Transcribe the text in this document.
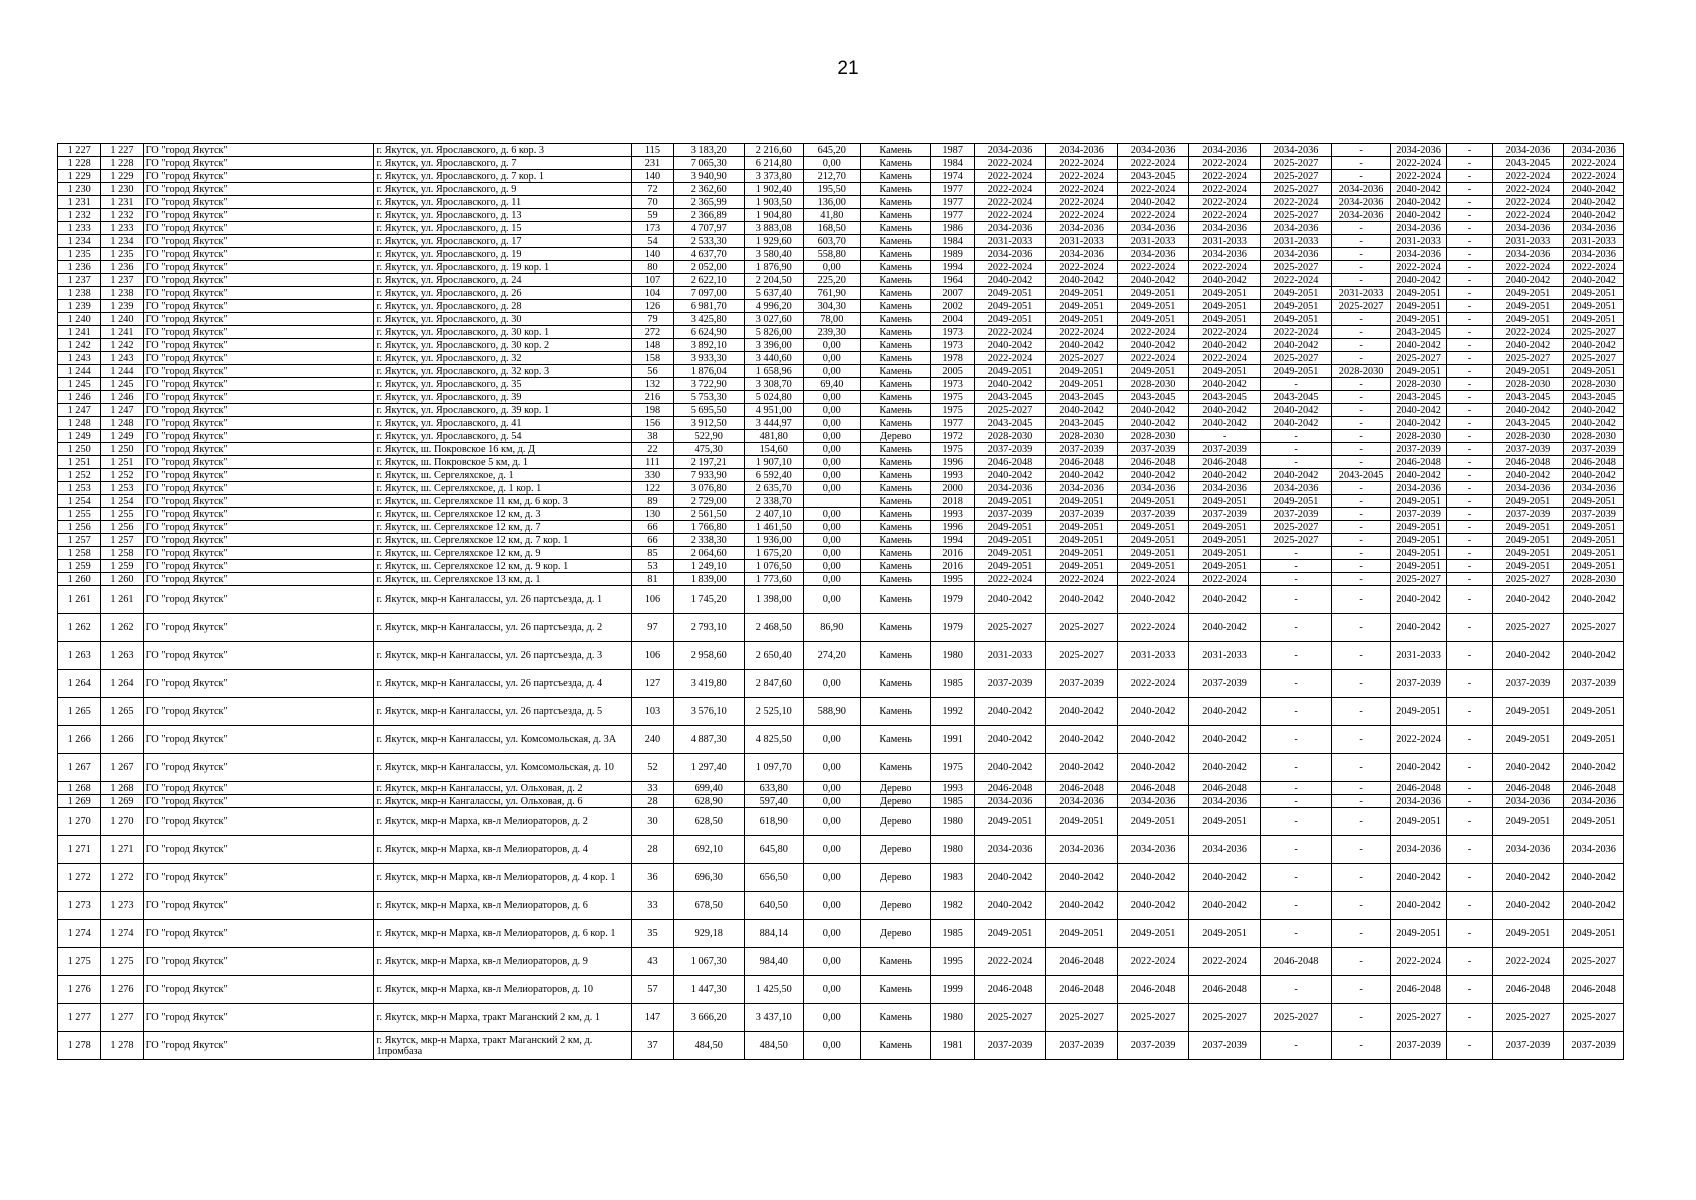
21
1 227	1 227	ГО "город Якутск"	г. Якутск, ул. Ярославского, д. 6 кор. 3	115	3 183,20	2 216,60	645,20	Камень	1987	2034-2036	2034-2036	2034-2036	2034-2036	2034-2036	-	2034-2036	-	2034-2036	2034-2036
1 228	1 228	ГО "город Якутск"	г. Якутск, ул. Ярославского, д. 7	231	7 065,30	6 214,80	0,00	Камень	1984	2022-2024	2022-2024	2022-2024	2022-2024	2025-2027	-	2022-2024	-	2043-2045	2022-2024
1 229	1 229	ГО "город Якутск"	г. Якутск, ул. Ярославского, д. 7 кор. 1	140	3 940,90	3 373,80	212,70	Камень	1974	2022-2024	2022-2024	2043-2045	2022-2024	2025-2027	-	2022-2024	-	2022-2024	2022-2024
1 230	1 230	ГО "город Якутск"	г. Якутск, ул. Ярославского, д. 9	72	2 362,60	1 902,40	195,50	Камень	1977	2022-2024	2022-2024	2022-2024	2022-2024	2025-2027	2034-2036	2040-2042	-	2022-2024	2040-2042
1 231	1 231	ГО "город Якутск"	г. Якутск, ул. Ярославского, д. 11	70	2 365,99	1 903,50	136,00	Камень	1977	2022-2024	2022-2024	2040-2042	2022-2024	2022-2024	2034-2036	2040-2042	-	2022-2024	2040-2042
1 232	1 232	ГО "город Якутск"	г. Якутск, ул. Ярославского, д. 13	59	2 366,89	1 904,80	41,80	Камень	1977	2022-2024	2022-2024	2022-2024	2022-2024	2025-2027	2034-2036	2040-2042	-	2022-2024	2040-2042
1 233	1 233	ГО "город Якутск"	г. Якутск, ул. Ярославского, д. 15	173	4 707,97	3 883,08	168,50	Камень	1986	2034-2036	2034-2036	2034-2036	2034-2036	2034-2036	-	2034-2036	-	2034-2036	2034-2036
1 234	1 234	ГО "город Якутск"	г. Якутск, ул. Ярославского, д. 17	54	2 533,30	1 929,60	603,70	Камень	1984	2031-2033	2031-2033	2031-2033	2031-2033	2031-2033	-	2031-2033	-	2031-2033	2031-2033
1 235	1 235	ГО "город Якутск"	г. Якутск, ул. Ярославского, д. 19	140	4 637,70	3 580,40	558,80	Камень	1989	2034-2036	2034-2036	2034-2036	2034-2036	2034-2036	-	2034-2036	-	2034-2036	2034-2036
1 236	1 236	ГО "город Якутск"	г. Якутск, ул. Ярославского, д. 19 кор. 1	80	2 052,00	1 876,90	0,00	Камень	1994	2022-2024	2022-2024	2022-2024	2022-2024	2025-2027	-	2022-2024	-	2022-2024	2022-2024
1 237	1 237	ГО "город Якутск"	г. Якутск, ул. Ярославского, д. 24	107	2 622,10	2 204,50	225,20	Камень	1964	2040-2042	2040-2042	2040-2042	2040-2042	2022-2024	-	2040-2042	-	2040-2042	2040-2042
1 238	1 238	ГО "город Якутск"	г. Якутск, ул. Ярославского, д. 26	104	7 097,00	5 637,40	761,90	Камень	2007	2049-2051	2049-2051	2049-2051	2049-2051	2049-2051	2031-2033	2049-2051	-	2049-2051	2049-2051
1 239	1 239	ГО "город Якутск"	г. Якутск, ул. Ярославского, д. 28	126	6 981,70	4 996,20	304,30	Камень	2002	2049-2051	2049-2051	2049-2051	2049-2051	2049-2051	2025-2027	2049-2051	-	2049-2051	2049-2051
1 240	1 240	ГО "город Якутск"	г. Якутск, ул. Ярославского, д. 30	79	3 425,80	3 027,60	78,00	Камень	2004	2049-2051	2049-2051	2049-2051	2049-2051	2049-2051	-	2049-2051	-	2049-2051	2049-2051
1 241	1 241	ГО "город Якутск"	г. Якутск, ул. Ярославского, д. 30 кор. 1	272	6 624,90	5 826,00	239,30	Камень	1973	2022-2024	2022-2024	2022-2024	2022-2024	2022-2024	-	2043-2045	-	2022-2024	2025-2027
1 242	1 242	ГО "город Якутск"	г. Якутск, ул. Ярославского, д. 30 кор. 2	148	3 892,10	3 396,00	0,00	Камень	1973	2040-2042	2040-2042	2040-2042	2040-2042	2040-2042	-	2040-2042	-	2040-2042	2040-2042
1 243	1 243	ГО "город Якутск"	г. Якутск, ул. Ярославского, д. 32	158	3 933,30	3 440,60	0,00	Камень	1978	2022-2024	2025-2027	2022-2024	2022-2024	2025-2027	-	2025-2027	-	2025-2027	2025-2027
1 244	1 244	ГО "город Якутск"	г. Якутск, ул. Ярославского, д. 32 кор. 3	56	1 876,04	1 658,96	0,00	Камень	2005	2049-2051	2049-2051	2049-2051	2049-2051	2049-2051	2028-2030	2049-2051	-	2049-2051	2049-2051
1 245	1 245	ГО "город Якутск"	г. Якутск, ул. Ярославского, д. 35	132	3 722,90	3 308,70	69,40	Камень	1973	2040-2042	2049-2051	2028-2030	2040-2042	-	-	2028-2030	-	2028-2030	2028-2030
1 246	1 246	ГО "город Якутск"	г. Якутск, ул. Ярославского, д. 39	216	5 753,30	5 024,80	0,00	Камень	1975	2043-2045	2043-2045	2043-2045	2043-2045	2043-2045	-	2043-2045	-	2043-2045	2043-2045
1 247	1 247	ГО "город Якутск"	г. Якутск, ул. Ярославского, д. 39 кор. 1	198	5 695,50	4 951,00	0,00	Камень	1975	2025-2027	2040-2042	2040-2042	2040-2042	2040-2042	-	2040-2042	-	2040-2042	2040-2042
1 248	1 248	ГО "город Якутск"	г. Якутск, ул. Ярославского, д. 41	156	3 912,50	3 444,97	0,00	Камень	1977	2043-2045	2043-2045	2040-2042	2040-2042	2040-2042	-	2040-2042	-	2043-2045	2040-2042
1 249	1 249	ГО "город Якутск"	г. Якутск, ул. Ярославского, д. 54	38	522,90	481,80	0,00	Дерево	1972	2028-2030	2028-2030	2028-2030	-	-	-	2028-2030	-	2028-2030	2028-2030
1 250	1 250	ГО "город Якутск"	г. Якутск, ш. Покровское 16 км, д. Д	22	475,30	154,60	0,00	Камень	1975	2037-2039	2037-2039	2037-2039	2037-2039	-	-	2037-2039	-	2037-2039	2037-2039
1 251	1 251	ГО "город Якутск"	г. Якутск, ш. Покровское 5 км, д. 1	111	2 197,21	1 907,10	0,00	Камень	1996	2046-2048	2046-2048	2046-2048	2046-2048	-	-	2046-2048	-	2046-2048	2046-2048
1 252	1 252	ГО "город Якутск"	г. Якутск, ш. Сергеляхское, д. 1	330	7 933,90	6 592,40	0,00	Камень	1993	2040-2042	2040-2042	2040-2042	2040-2042	2040-2042	2043-2045	2040-2042	-	2040-2042	2040-2042
1 253	1 253	ГО "город Якутск"	г. Якутск, ш. Сергеляхское, д. 1 кор. 1	122	3 076,80	2 635,70	0,00	Камень	2000	2034-2036	2034-2036	2034-2036	2034-2036	2034-2036	-	2034-2036	-	2034-2036	2034-2036
1 254	1 254	ГО "город Якутск"	г. Якутск, ш. Сергеляхское 11 км, д. 6 кор. 3	89	2 729,00	2 338,70		Камень	2018	2049-2051	2049-2051	2049-2051	2049-2051	2049-2051	-	2049-2051	-	2049-2051	2049-2051
1 255	1 255	ГО "город Якутск"	г. Якутск, ш. Сергеляхское 12 км, д. 3	130	2 561,50	2 407,10	0,00	Камень	1993	2037-2039	2037-2039	2037-2039	2037-2039	2037-2039	-	2037-2039	-	2037-2039	2037-2039
1 256	1 256	ГО "город Якутск"	г. Якутск, ш. Сергеляхское 12 км, д. 7	66	1 766,80	1 461,50	0,00	Камень	1996	2049-2051	2049-2051	2049-2051	2049-2051	2025-2027	-	2049-2051	-	2049-2051	2049-2051
1 257	1 257	ГО "город Якутск"	г. Якутск, ш. Сергеляхское 12 км, д. 7 кор. 1	66	2 338,30	1 936,00	0,00	Камень	1994	2049-2051	2049-2051	2049-2051	2049-2051	2025-2027	-	2049-2051	-	2049-2051	2049-2051
1 258	1 258	ГО "город Якутск"	г. Якутск, ш. Сергеляхское 12 км, д. 9	85	2 064,60	1 675,20	0,00	Камень	2016	2049-2051	2049-2051	2049-2051	2049-2051	-	-	2049-2051	-	2049-2051	2049-2051
1 259	1 259	ГО "город Якутск"	г. Якутск, ш. Сергеляхское 12 км, д. 9 кор. 1	53	1 249,10	1 076,50	0,00	Камень	2016	2049-2051	2049-2051	2049-2051	2049-2051	-	-	2049-2051	-	2049-2051	2049-2051
1 260	1 260	ГО "город Якутск"	г. Якутск, ш. Сергеляхское 13 км, д. 1	81	1 839,00	1 773,60	0,00	Камень	1995	2022-2024	2022-2024	2022-2024	2022-2024	-	-	2025-2027	-	2025-2027	2028-2030
1 261	1 261	ГО "город Якутск"	г. Якутск, мкр-н Кангалассы, ул. 26 партсъезда, д. 1	106	1 745,20	1 398,00	0,00	Камень	1979	2040-2042	2040-2042	2040-2042	2040-2042	-	-	2040-2042	-	2040-2042	2040-2042
1 262	1 262	ГО "город Якутск"	г. Якутск, мкр-н Кангалассы, ул. 26 партсъезда, д. 2	97	2 793,10	2 468,50	86,90	Камень	1979	2025-2027	2025-2027	2022-2024	2040-2042	-	-	2040-2042	-	2025-2027	2025-2027
1 263	1 263	ГО "город Якутск"	г. Якутск, мкр-н Кангалассы, ул. 26 партсъезда, д. 3	106	2 958,60	2 650,40	274,20	Камень	1980	2031-2033	2025-2027	2031-2033	2031-2033	-	-	2031-2033	-	2040-2042	2040-2042
1 264	1 264	ГО "город Якутск"	г. Якутск, мкр-н Кангалассы, ул. 26 партсъезда, д. 4	127	3 419,80	2 847,60	0,00	Камень	1985	2037-2039	2037-2039	2022-2024	2037-2039	-	-	2037-2039	-	2037-2039	2037-2039
1 265	1 265	ГО "город Якутск"	г. Якутск, мкр-н Кангалассы, ул. 26 партсъезда, д. 5	103	3 576,10	2 525,10	588,90	Камень	1992	2040-2042	2040-2042	2040-2042	2040-2042	-	-	2049-2051	-	2049-2051	2049-2051
1 266	1 266	ГО "город Якутск"	г. Якутск, мкр-н Кангалассы, ул. Комсомольская, д. 3А	240	4 887,30	4 825,50	0,00	Камень	1991	2040-2042	2040-2042	2040-2042	2040-2042	-	-	2022-2024	-	2049-2051	2049-2051
1 267	1 267	ГО "город Якутск"	г. Якутск, мкр-н Кангалассы, ул. Комсомольская, д. 10	52	1 297,40	1 097,70	0,00	Камень	1975	2040-2042	2040-2042	2040-2042	2040-2042	-	-	2040-2042	-	2040-2042	2040-2042
1 268	1 268	ГО "город Якутск"	г. Якутск, мкр-н Кангалассы, ул. Ольховая, д. 2	33	699,40	633,80	0,00	Дерево	1993	2046-2048	2046-2048	2046-2048	2046-2048	-	-	2046-2048	-	2046-2048	2046-2048
1 269	1 269	ГО "город Якутск"	г. Якутск, мкр-н Кангалассы, ул. Ольховая, д. 6	28	628,90	597,40	0,00	Дерево	1985	2034-2036	2034-2036	2034-2036	2034-2036	-	-	2034-2036	-	2034-2036	2034-2036
1 270	1 270	ГО "город Якутск"	г. Якутск, мкр-н Марха, кв-л Мелиораторов, д. 2	30	628,50	618,90	0,00	Дерево	1980	2049-2051	2049-2051	2049-2051	2049-2051	-	-	2049-2051	-	2049-2051	2049-2051
1 271	1 271	ГО "город Якутск"	г. Якутск, мкр-н Марха, кв-л Мелиораторов, д. 4	28	692,10	645,80	0,00	Дерево	1980	2034-2036	2034-2036	2034-2036	2034-2036	-	-	2034-2036	-	2034-2036	2034-2036
1 272	1 272	ГО "город Якутск"	г. Якутск, мкр-н Марха, кв-л Мелиораторов, д. 4 кор. 1	36	696,30	656,50	0,00	Дерево	1983	2040-2042	2040-2042	2040-2042	2040-2042	-	-	2040-2042	-	2040-2042	2040-2042
1 273	1 273	ГО "город Якутск"	г. Якутск, мкр-н Марха, кв-л Мелиораторов, д. 6	33	678,50	640,50	0,00	Дерево	1982	2040-2042	2040-2042	2040-2042	2040-2042	-	-	2040-2042	-	2040-2042	2040-2042
1 274	1 274	ГО "город Якутск"	г. Якутск, мкр-н Марха, кв-л Мелиораторов, д. 6 кор. 1	35	929,18	884,14	0,00	Дерево	1985	2049-2051	2049-2051	2049-2051	2049-2051	-	-	2049-2051	-	2049-2051	2049-2051
1 275	1 275	ГО "город Якутск"	г. Якутск, мкр-н Марха, кв-л Мелиораторов, д. 9	43	1 067,30	984,40	0,00	Камень	1995	2022-2024	2046-2048	2022-2024	2022-2024	2046-2048	-	2022-2024	-	2022-2024	2025-2027
1 276	1 276	ГО "город Якутск"	г. Якутск, мкр-н Марха, кв-л Мелиораторов, д. 10	57	1 447,30	1 425,50	0,00	Камень	1999	2046-2048	2046-2048	2046-2048	2046-2048	-	-	2046-2048	-	2046-2048	2046-2048
1 277	1 277	ГО "город Якутск"	г. Якутск, мкр-н Марха, тракт Маганский 2 км, д. 1	147	3 666,20	3 437,10	0,00	Камень	1980	2025-2027	2025-2027	2025-2027	2025-2027	2025-2027	-	2025-2027	-	2025-2027	2025-2027
1 278	1 278	ГО "город Якутск"	г. Якутск, мкр-н Марха, тракт Маганский 2 км, д. 1промбаза	37	484,50	484,50	0,00	Камень	1981	2037-2039	2037-2039	2037-2039	2037-2039	-	-	2037-2039	-	2037-2039	2037-2039
